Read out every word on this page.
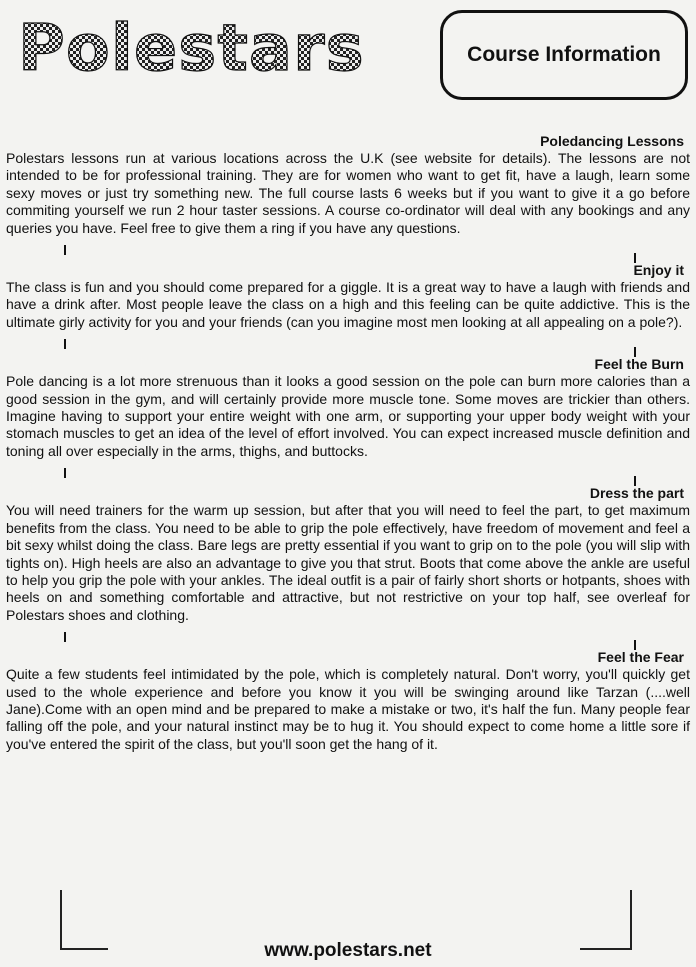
Polestars	Course Information

Poledancing Lessons

Polestars lessons run at various locations across the U.K (see website for details). The lessons are not intended to be for professional training. They are for women who want to get fit, have a laugh, learn some sexy moves or just try something new. The full course lasts 6 weeks but if you want to give it a go before commiting yourself we run 2 hour taster sessions. A course co-ordinator will deal with any bookings and any queries you have. Feel free to give them a ring if you have any questions.

Enjoy it

The class is fun and you should come prepared for a giggle. It is a great way to have a laugh with friends and have a drink after. Most people leave the class on a high and this feeling can be quite addictive. This is the ultimate girly activity for you and your friends (can you imagine most men looking at all appealing on a pole?).

Feel the Burn

Pole dancing is a lot more strenuous than it looks a good session on the pole can burn more calories than a good session in the gym, and will certainly provide more muscle tone. Some moves are trickier than others. Imagine having to support your entire weight with one arm, or supporting your upper body weight with your stomach muscles to get an idea of the level of effort involved. You can expect increased muscle definition and toning all over especially in the arms, thighs, and buttocks.

Dress the part

You will need trainers for the warm up session, but after that you will need to feel the part, to get maximum benefits from the class. You need to be able to grip the pole effectively, have freedom of movement and feel a bit sexy whilst doing the class. Bare legs are pretty essential if you want to grip on to the pole (you will slip with tights on). High heels are also an advantage to give you that strut. Boots that come above the ankle are useful to help you grip the pole with your ankles. The ideal outfit is a pair of fairly short shorts or hotpants, shoes with heels on and something comfortable and attractive, but not restrictive on your top half, see overleaf for Polestars shoes and clothing.

Feel the Fear

Quite a few students feel intimidated by the pole, which is completely natural. Don't worry, you'll quickly get used to the whole experience and before you know it you will be swinging around like Tarzan (....well Jane).Come with an open mind and be prepared to make a mistake or two, it's half the fun. Many people fear falling off the pole, and your natural instinct may be to hug it. You should expect to come home a little sore if you've entered the spirit of the class, but you'll soon get the hang of it.

www.polestars.net
